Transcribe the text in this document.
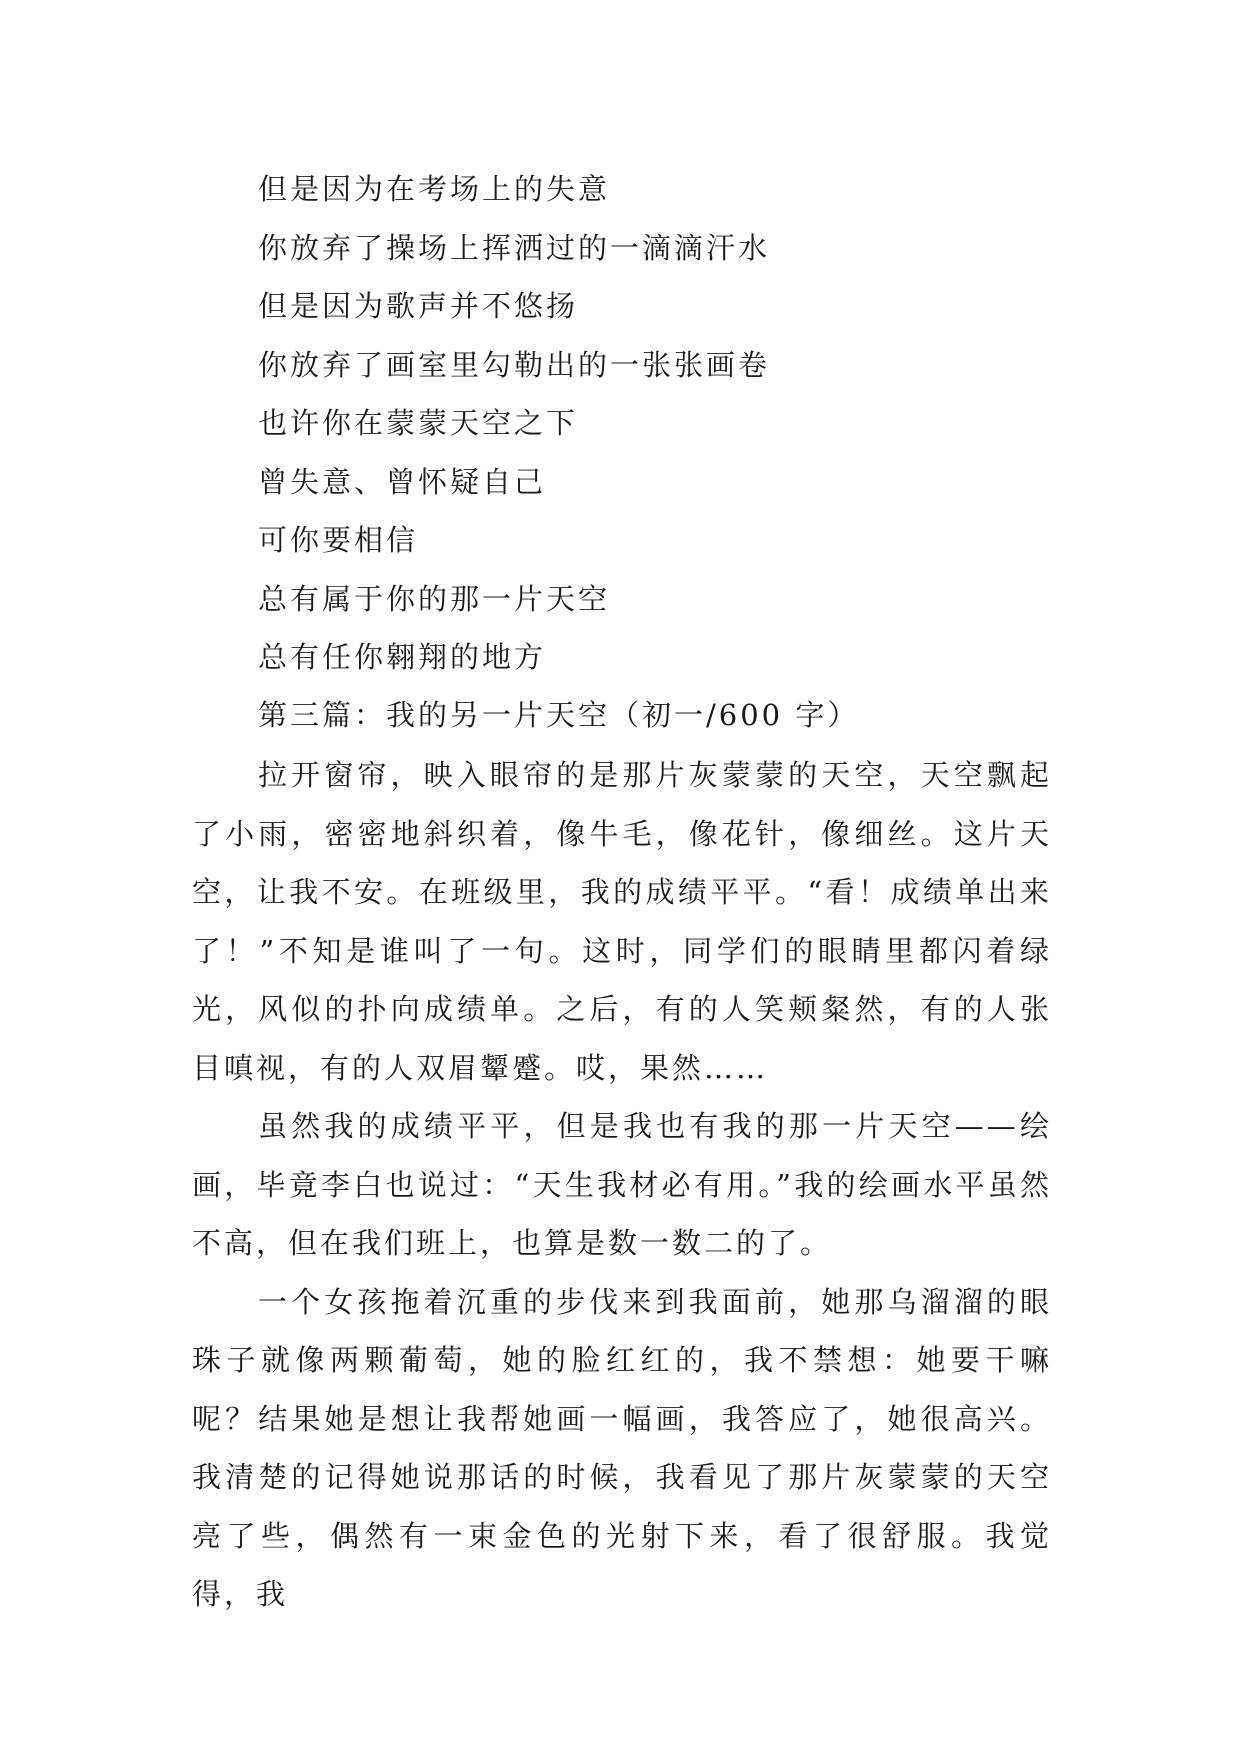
但是因为在考场上的失意
你放弃了操场上挥洒过的一滴滴汗水
但是因为歌声并不悠扬
你放弃了画室里勾勒出的一张张画卷
也许你在蒙蒙天空之下
曾失意、曾怀疑自己
可你要相信
总有属于你的那一片天空
总有任你翱翔的地方
第三篇：我的另一片天空（初一/600 字）

拉开窗帘，映入眼帘的是那片灰蒙蒙的天空，天空飘起了小雨，密密地斜织着，像牛毛，像花针，像细丝。这片天空，让我不安。在班级里，我的成绩平平。“看！成绩单出来了！”不知是谁叫了一句。这时，同学们的眼睛里都闪着绿光，风似的扑向成绩单。之后，有的人笑颊粲然，有的人张目嗔视，有的人双眉颦蹙。哎，果然……

虽然我的成绩平平，但是我也有我的那一片天空——绘画，毕竟李白也说过：“天生我材必有用。”我的绘画水平虽然不高，但在我们班上，也算是数一数二的了。

一个女孩拖着沉重的步伐来到我面前，她那乌溜溜的眼珠子就像两颗葡萄，她的脸红红的，我不禁想：她要干嘛呢？结果她是想让我帮她画一幅画，我答应了，她很高兴。我清楚的记得她说那话的时候，我看见了那片灰蒙蒙的天空亮了些，偶然有一束金色的光射下来，看了很舒服。我觉得，我
